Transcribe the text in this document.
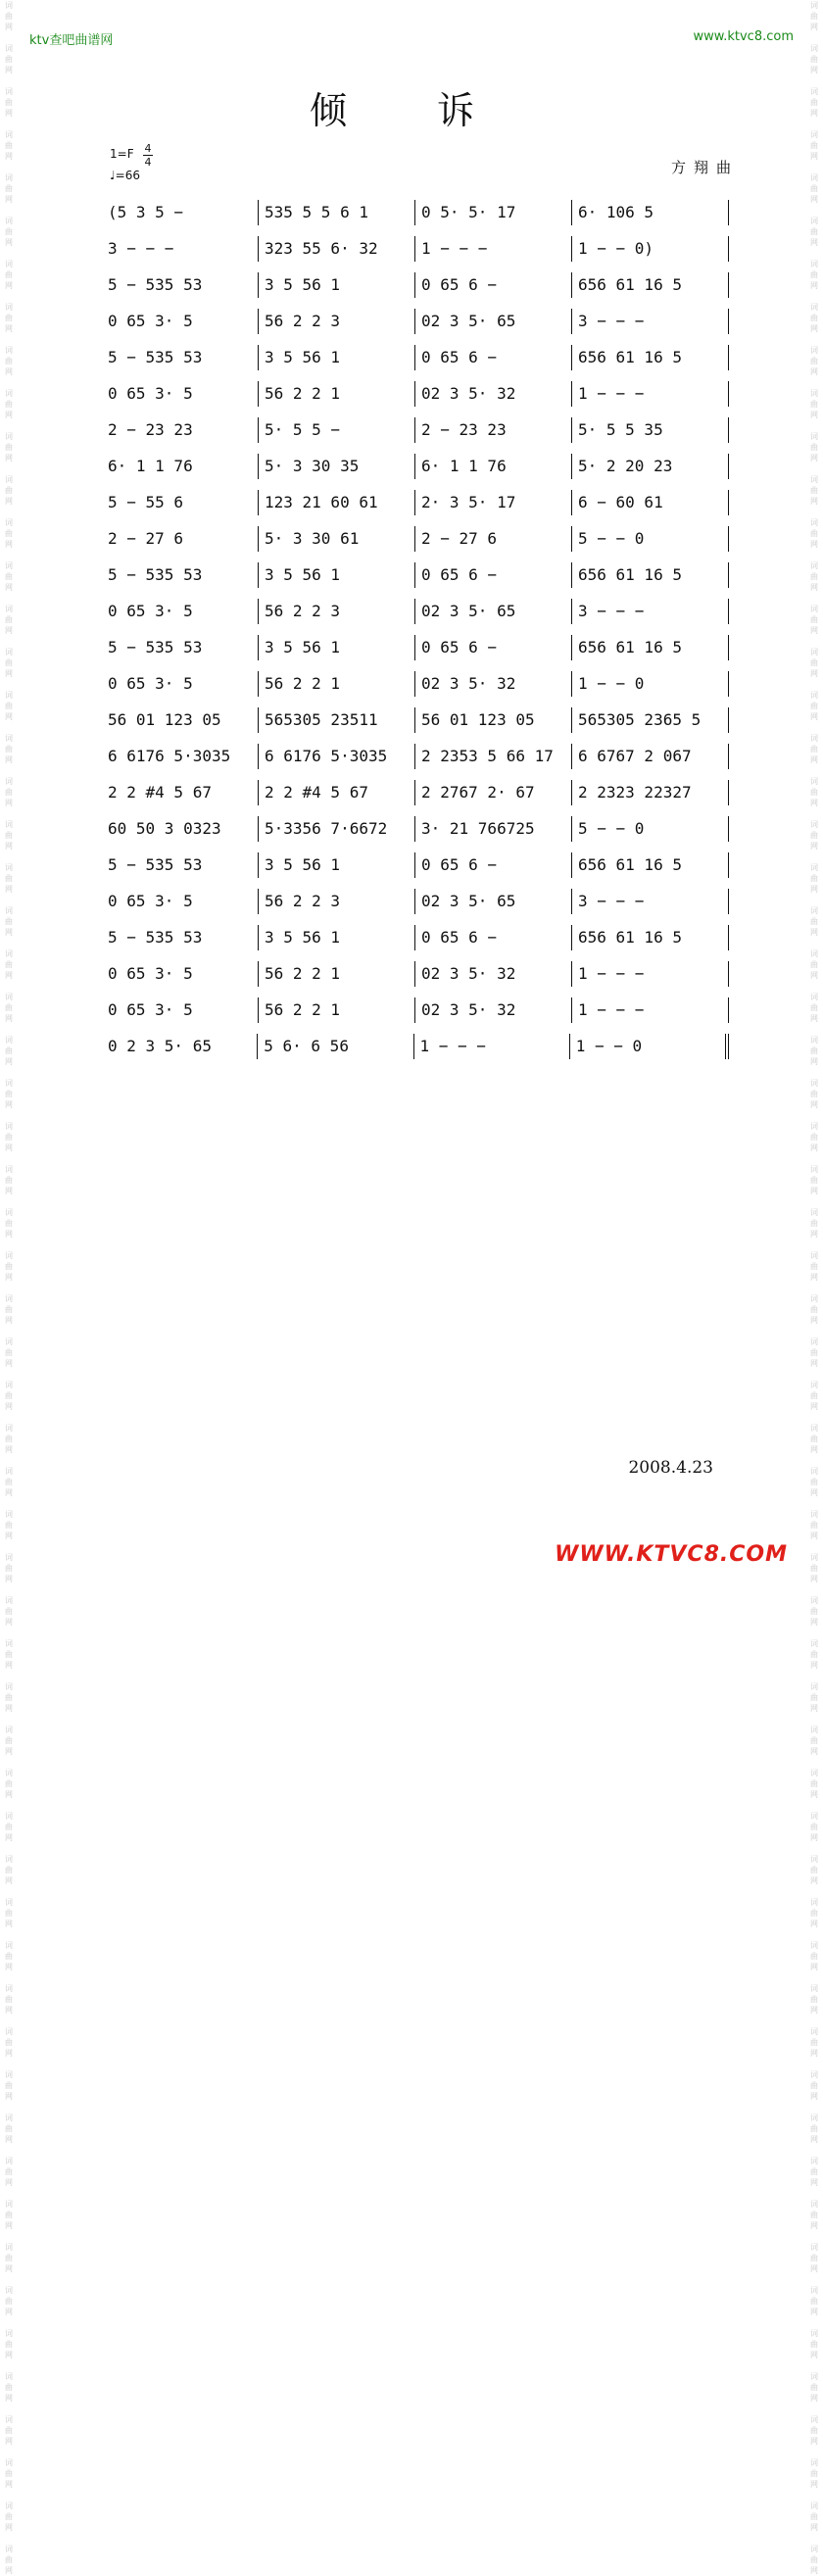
词
曲
网

词
曲
网

词
曲
网

词
曲
网

词
曲
网

词
曲
网

词
曲
网

词
曲
网

词
曲
网

词
曲
网

词
曲
网

词
曲
网

词
曲
网

词
曲
网

词
曲
网

词
曲
网

词
曲
网

词
曲
网

词
曲
网

词
曲
网

词
曲
网

词
曲
网

词
曲
网

词
曲
网

词
曲
网

词
曲
网

词
曲
网

词
曲
网

词
曲
网

词
曲
网

词
曲
网

词
曲
网

词
曲
网

词
曲
网

词
曲
网

词
曲
网

词
曲
网

词
曲
网

词
曲
网

词
曲
网

词
曲
网

词
曲
网

词
曲
网

词
曲
网

词
曲
网

词
曲
网

词
曲
网

词
曲
网

词
曲
网

词
曲
网

词
曲
网

词
曲
网

词
曲
网

词
曲
网

词
曲
网

词
曲
网

词
曲
网

词
曲
网

词
曲
网

词
曲
网

词
曲
网

词
曲
网

词
曲
网

词
曲
网

词
曲
网

词
曲
网

词
曲
网

词
曲
网

词
曲
网

词
曲
网

词
曲
网

词
曲
网

词
曲
网

词
曲
网

词
曲
网

词
曲
网

词
曲
网

词
曲
网

词
曲
网

词
曲
网

词
曲
网

词
曲
网

词
曲
网

词
曲
网

词
曲
网

词
曲
网

词
曲
网

词
曲
网

词
曲
网

词
曲
网

词
曲
网

词
曲
网

词
曲
网

词
曲
网

词
曲
网

词
曲
网

词
曲
网

词
曲
网

词
曲
网

词
曲
网

词
曲
网

词
曲
网

词
曲
网

词
曲
网

词
曲
网

词
曲
网

词
曲
网

词
曲
网

词
曲
网

词
曲
网

词
曲
网

词
曲
网

词
曲
网

词
曲
网

词
曲
网

词
曲
网

词
曲
网

词
曲
网

词
曲
网

词
曲
网

ktv查吧曲谱网	www.ktvc8.com
倾 诉
1=F 4
4
♩=66	方翔曲
(5 3 5 −	535 5 5 6 1	0 5· 5· 17	6· 106 5
3 − − −	323 55 6· 32	1 − − −	1 − − 0)
5 − 535 53	3 5 56 1	0 65 6 −	656 61 16 5
0 65 3· 5	56 2 2 3	02 3 5· 65	3 − − −
5 − 535 53	3 5 56 1	0 65 6 −	656 61 16 5
0 65 3· 5	56 2 2 1	02 3 5· 32	1 − − −
2 − 23 23	5· 5 5 −	2 − 23 23	5· 5 5 35
6· 1 1 76	5· 3 30 35	6· 1 1 76	5· 2 20 23
5 − 55 6	123 21 60 61	2· 3 5· 17	6 − 60 61
2 − 27 6	5· 3 30 61	2 − 27 6	5 − − 0
5 − 535 53	3 5 56 1	0 65 6 −	656 61 16 5
0 65 3· 5	56 2 2 3	02 3 5· 65	3 − − −
5 − 535 53	3 5 56 1	0 65 6 −	656 61 16 5
0 65 3· 5	56 2 2 1	02 3 5· 32	1 − − 0
56 01 123 05	565305 23511	56 01 123 05	565305 2365 5
6 6176 5·3035	6 6176 5·3035	2 2353 5 66 17	6 6767 2 067
2 2 #4 5 67	2 2 #4 5 67	2 2767 2· 67	2 2323 22327
60 50 3 0323	5·3356 7·6672	3· 21 766725	5 − − 0
5 − 535 53	3 5 56 1	0 65 6 −	656 61 16 5
0 65 3· 5	56 2 2 3	02 3 5· 65	3 − − −
5 − 535 53	3 5 56 1	0 65 6 −	656 61 16 5
0 65 3· 5	56 2 2 1	02 3 5· 32	1 − − −
0 65 3· 5	56 2 2 1	02 3 5· 32	1 − − −
0 2 3 5· 65	5 6· 6 56	1 − − −	1 − − 0
2008.4.23
WWW.KTVC8.COM
